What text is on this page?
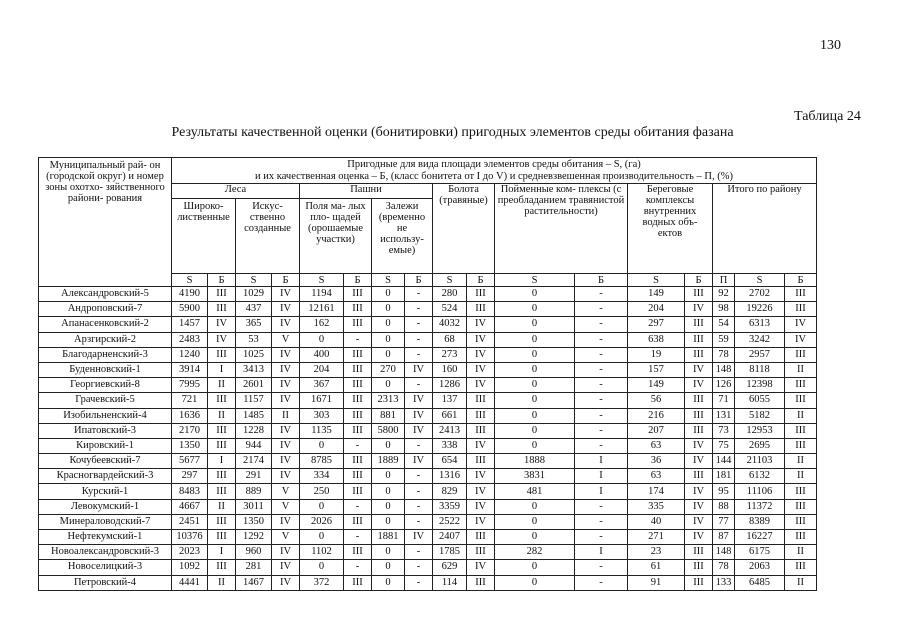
130
Таблица 24
Результаты качественной оценки (бонитировки) пригодных элементов среды обитания фазана
Муниципальный рай- он (городской округ) и номер зоны охотхо- зяйственного райони- рования	Пригодные для вида площади элементов среды обитания – S, (га)
и их качественная оценка – Б, (класс бонитета от I до V) и средневзвешенная производительность – П, (%)																
	Леса				Пашни				Болота (травяные)		Пойменные ком- плексы (с преобладанием травянистой растительности)		Береговые комплексы внутренних водных объ- ектов		Итого по району		
	Широко- лиственные		Искус- ственно созданные		Поля ма- лых пло- щадей (орошаемые участки)		Залежи (временно не использу- емые)										
	S	Б	S	Б	S	Б	S	Б	S	Б	S	Б	S	Б	П	S	Б
Александровский-5	4190	III	1029	IV	1194	III	0	-	280	III	0	-	149	III	92	2702	III
Андроповский-7	5900	III	437	IV	12161	III	0	-	524	III	0	-	204	IV	98	19226	III
Апанасенковский-2	1457	IV	365	IV	162	III	0	-	4032	IV	0	-	297	III	54	6313	IV
Арзгирский-2	2483	IV	53	V	0	-	0	-	68	IV	0	-	638	III	59	3242	IV
Благодарненский-3	1240	III	1025	IV	400	III	0	-	273	IV	0	-	19	III	78	2957	III
Буденновский-1	3914	I	3413	IV	204	III	270	IV	160	IV	0	-	157	IV	148	8118	II
Георгиевский-8	7995	II	2601	IV	367	III	0	-	1286	IV	0	-	149	IV	126	12398	III
Грачевский-5	721	III	1157	IV	1671	III	2313	IV	137	III	0	-	56	III	71	6055	III
Изобильненский-4	1636	II	1485	II	303	III	881	IV	661	III	0	-	216	III	131	5182	II
Ипатовский-3	2170	III	1228	IV	1135	III	5800	IV	2413	III	0	-	207	III	73	12953	III
Кировский-1	1350	III	944	IV	0	-	0	-	338	IV	0	-	63	IV	75	2695	III
Кочубеевский-7	5677	I	2174	IV	8785	III	1889	IV	654	III	1888	I	36	IV	144	21103	II
Красногвардейский-3	297	III	291	IV	334	III	0	-	1316	IV	3831	I	63	III	181	6132	II
Курский-1	8483	III	889	V	250	III	0	-	829	IV	481	I	174	IV	95	11106	III
Левокумский-1	4667	II	3011	V	0	-	0	-	3359	IV	0	-	335	IV	88	11372	III
Минераловодский-7	2451	III	1350	IV	2026	III	0	-	2522	IV	0	-	40	IV	77	8389	III
Нефтекумский-1	10376	III	1292	V	0	-	1881	IV	2407	III	0	-	271	IV	87	16227	III
Новоалександровский-3	2023	I	960	IV	1102	III	0	-	1785	III	282	I	23	III	148	6175	II
Новоселицкий-3	1092	III	281	IV	0	-	0	-	629	IV	0	-	61	III	78	2063	III
Петровский-4	4441	II	1467	IV	372	III	0	-	114	III	0	-	91	III	133	6485	II
